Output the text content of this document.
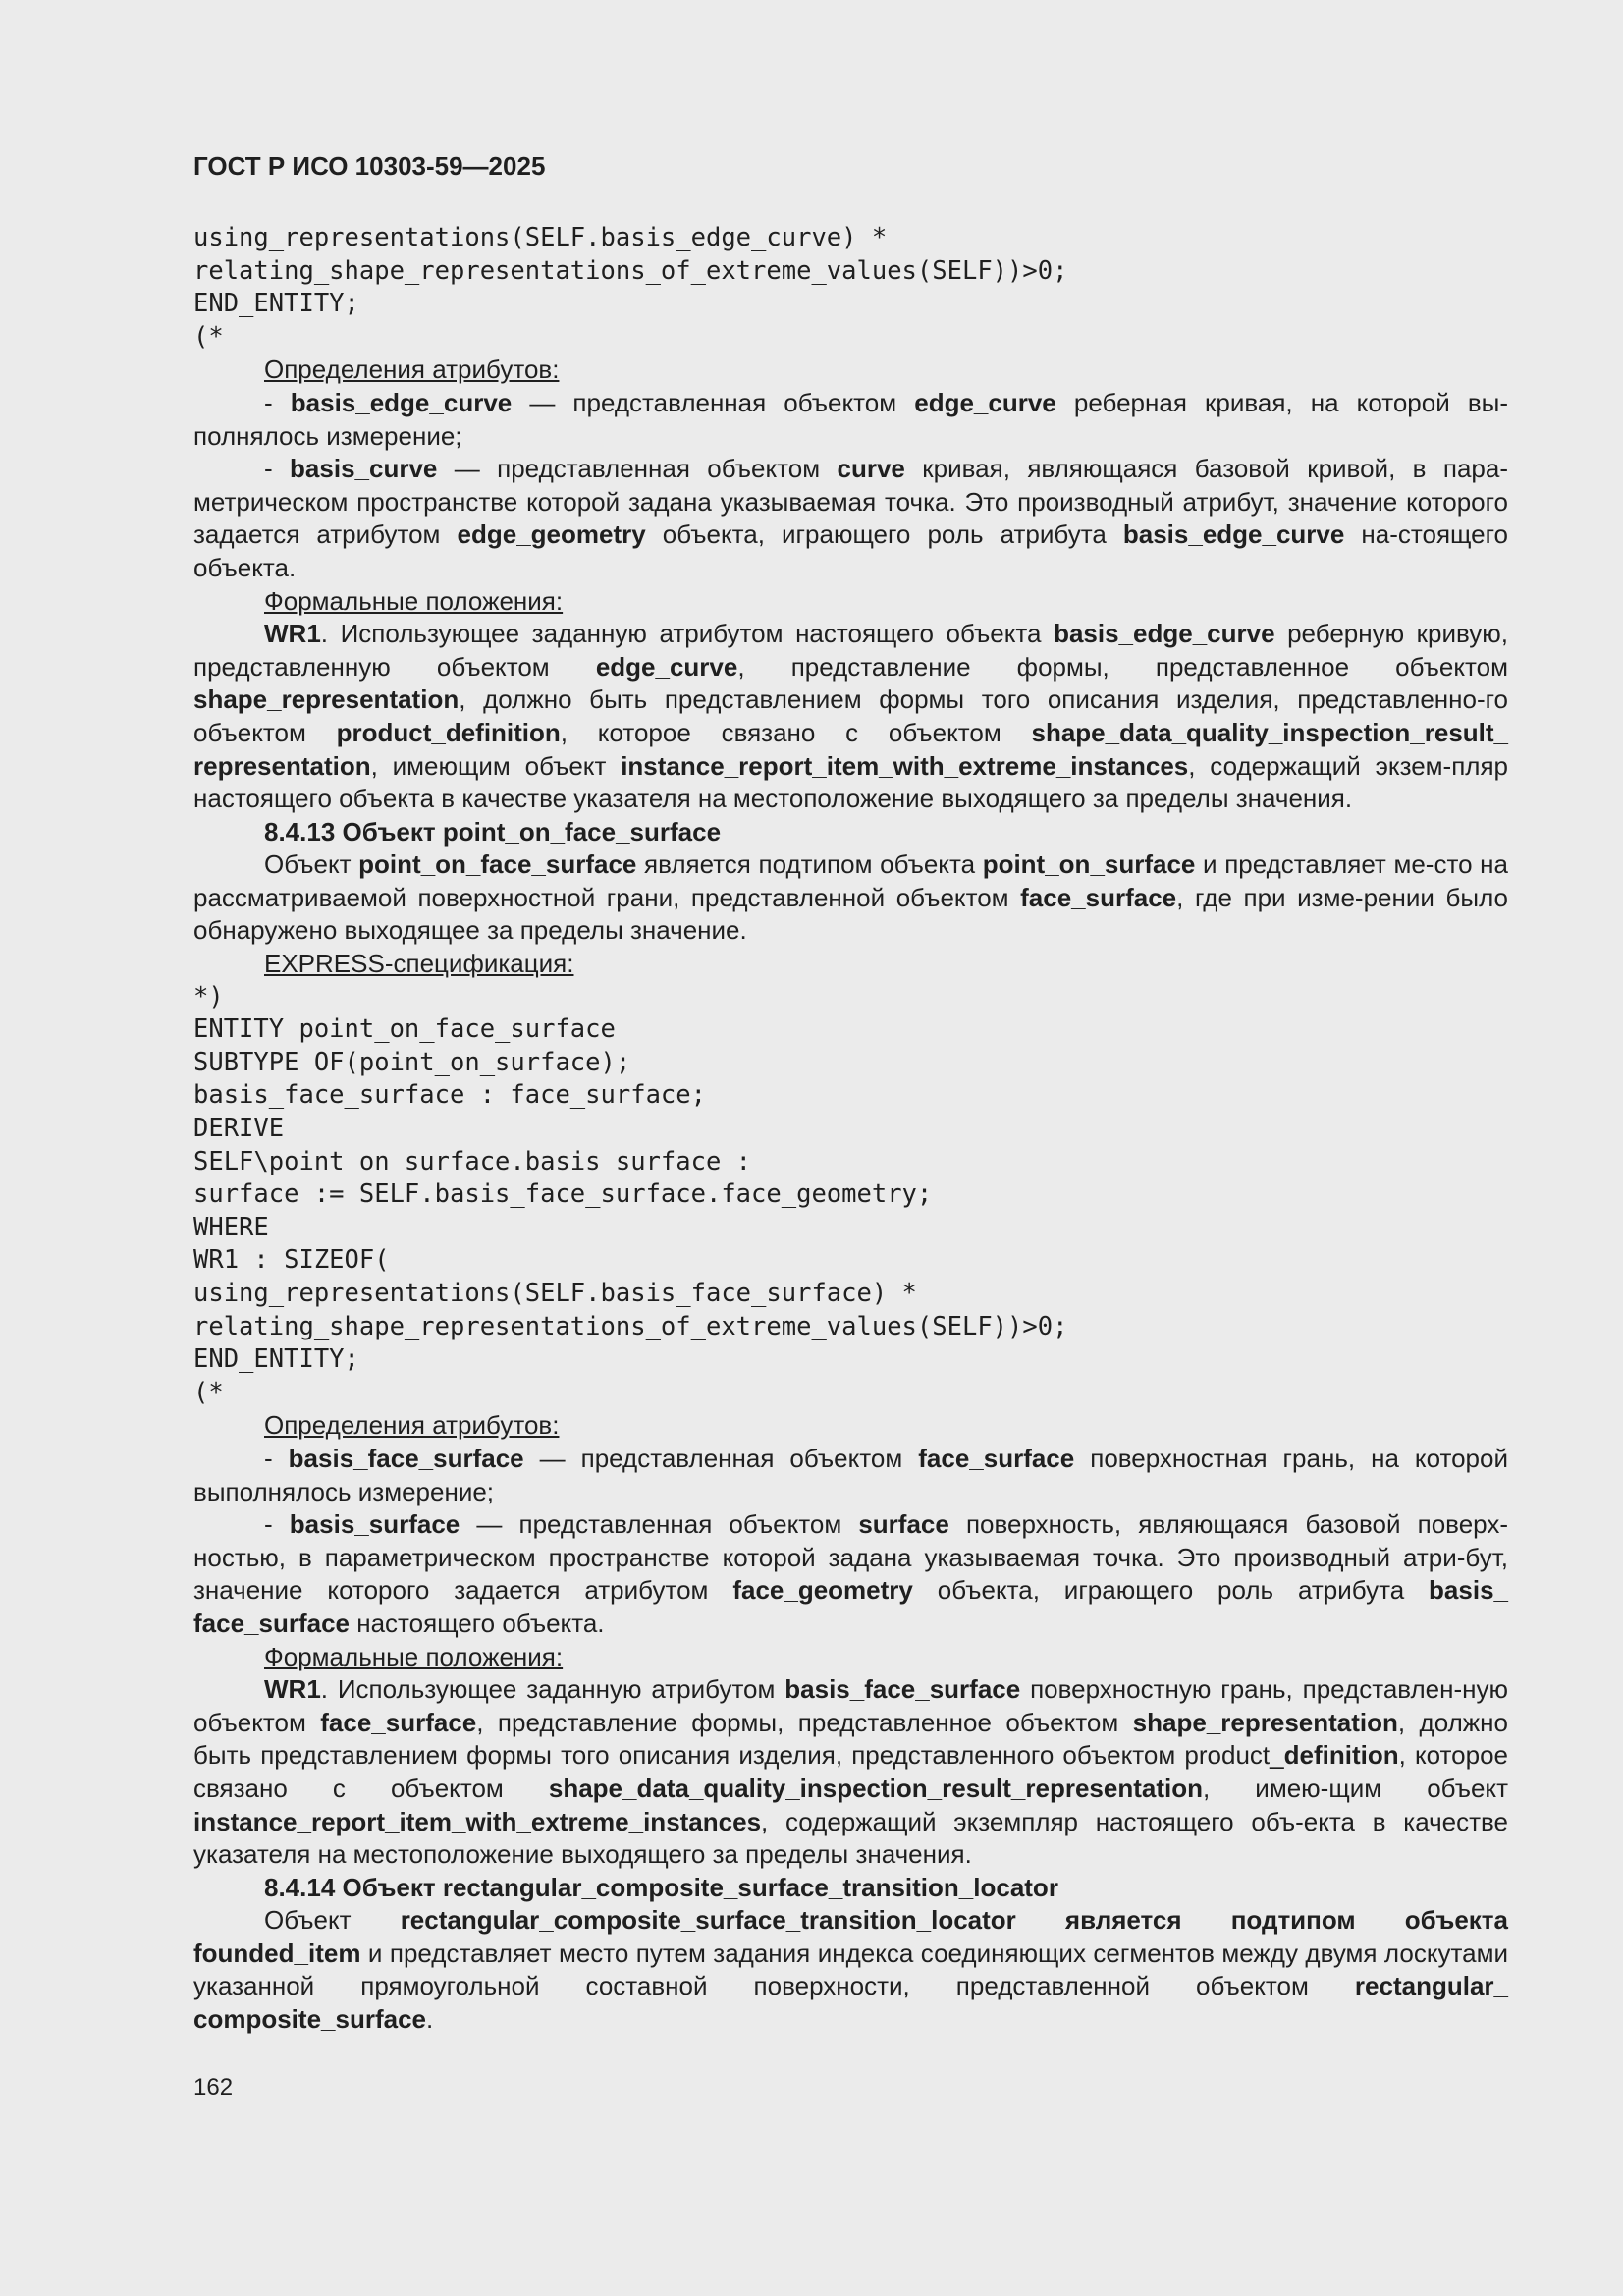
ГОСТ Р ИСО 10303-59—2025
using_representations(SELF.basis_edge_curve) *
relating_shape_representations_of_extreme_values(SELF))>0;
END_ENTITY;
(*

Определения атрибутов:

- basis_edge_curve — представленная объектом edge_curve реберная кривая, на которой вы-полнялось измерение;

- basis_curve — представленная объектом curve кривая, являющаяся базовой кривой, в пара-метрическом пространстве которой задана указываемая точка. Это производный атрибут, значение которого задается атрибутом edge_geometry объекта, играющего роль атрибута basis_edge_curve на-стоящего объекта.

Формальные положения:

WR1. Использующее заданную атрибутом настоящего объекта basis_edge_curve реберную кривую, представленную объектом edge_curve, представление формы, представленное объектом shape_representation, должно быть представлением формы того описания изделия, представленно-го объектом product_definition, которое связано с объектом shape_data_quality_inspection_result_ representation, имеющим объект instance_report_item_with_extreme_instances, содержащий экзем-пляр настоящего объекта в качестве указателя на местоположение выходящего за пределы значения.

8.4.13 Объект point_on_face_surface

Объект point_on_face_surface является подтипом объекта point_on_surface и представляет ме-сто на рассматриваемой поверхностной грани, представленной объектом face_surface, где при изме-рении было обнаружено выходящее за пределы значение.

EXPRESS-спецификация:

*)
ENTITY point_on_face_surface
SUBTYPE OF(point_on_surface);
basis_face_surface : face_surface;
DERIVE
SELF\point_on_surface.basis_surface :
surface := SELF.basis_face_surface.face_geometry;
WHERE
WR1 : SIZEOF(
using_representations(SELF.basis_face_surface) *
relating_shape_representations_of_extreme_values(SELF))>0;
END_ENTITY;
(*

Определения атрибутов:

- basis_face_surface — представленная объектом face_surface поверхностная грань, на которой выполнялось измерение;

- basis_surface — представленная объектом surface поверхность, являющаяся базовой поверх-ностью, в параметрическом пространстве которой задана указываемая точка. Это производный атри-бут, значение которого задается атрибутом face_geometry объекта, играющего роль атрибута basis_ face_surface настоящего объекта.

Формальные положения:

WR1. Использующее заданную атрибутом basis_face_surface поверхностную грань, представлен-ную объектом face_surface, представление формы, представленное объектом shape_representation, должно быть представлением формы того описания изделия, представленного объектом product_definition, которое связано с объектом shape_data_quality_inspection_result_representation, имею-щим объект instance_report_item_with_extreme_instances, содержащий экземпляр настоящего объ-екта в качестве указателя на местоположение выходящего за пределы значения.

8.4.14 Объект rectangular_composite_surface_transition_locator

Объект rectangular_composite_surface_transition_locator является подтипом объекта founded_item и представляет место путем задания индекса соединяющих сегментов между двумя лоскутами указанной прямоугольной составной поверхности, представленной объектом rectangular_ composite_surface.

162
